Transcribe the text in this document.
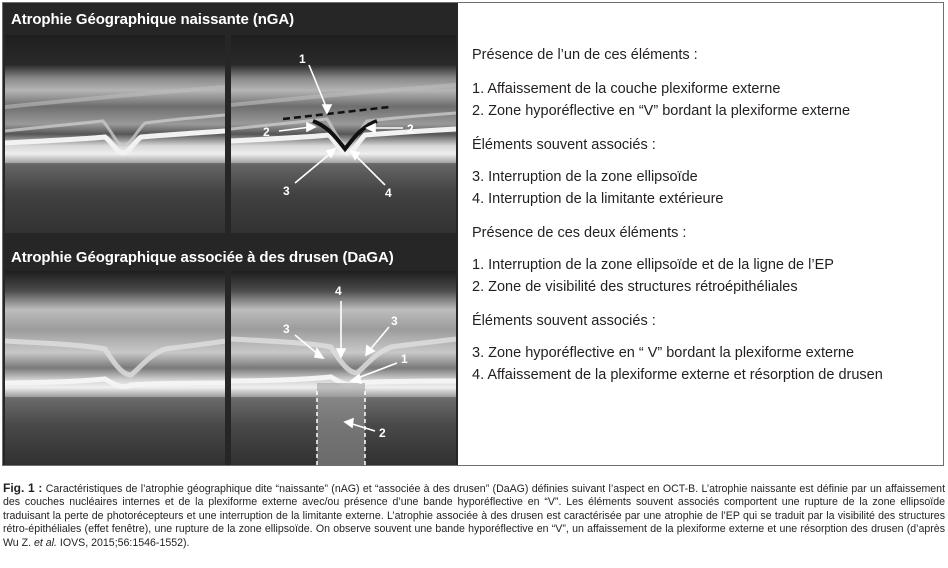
Atrophie Géographique naissante (nGA)
1
2	2
3	4
Atrophie Géographique associée à des drusen (DaGA)
4
3
3
1
2

Présence de l’un de ces éléments :

1. Affaissement de la couche plexiforme externe

2. Zone hyporéflective en “V” bordant la plexiforme externe

Éléments souvent associés :

3. Interruption de la zone ellipsoïde

4. Interruption de la limitante extérieure

Présence de ces deux éléments :

1. Interruption de la zone ellipsoïde et de la ligne de l’EP

2. Zone de visibilité des structures rétroépithéliales

Éléments souvent associés :

3. Zone hyporéflective en “ V” bordant la plexiforme externe

4. Affaissement de la plexiforme externe et résorption de drusen

Fig. 1 : Caractéristiques de l’atrophie géographique dite “naissante” (nAG) et “associée à des drusen” (DaAG) définies suivant l’aspect en OCT-B. L’atrophie naissante est définie par un affaissement des couches nucléaires internes et de la plexiforme externe avec/ou présence d’une bande hyporéflective en “V”. Les éléments souvent associés comportent une rupture de la zone ellipsoïde traduisant la perte de photorécepteurs et une interruption de la limitante externe. L’atrophie associée à des drusen est caractérisée par une atrophie de l’EP qui se traduit par la visibilité des structures rétro-épithéliales (effet fenêtre), une rupture de la zone ellipsoïde. On observe souvent une bande hyporéflective en “V”, un affaissement de la plexiforme externe et une résorption des drusen (d’après Wu Z. et al. IOVS, 2015;56:1546-1552).
